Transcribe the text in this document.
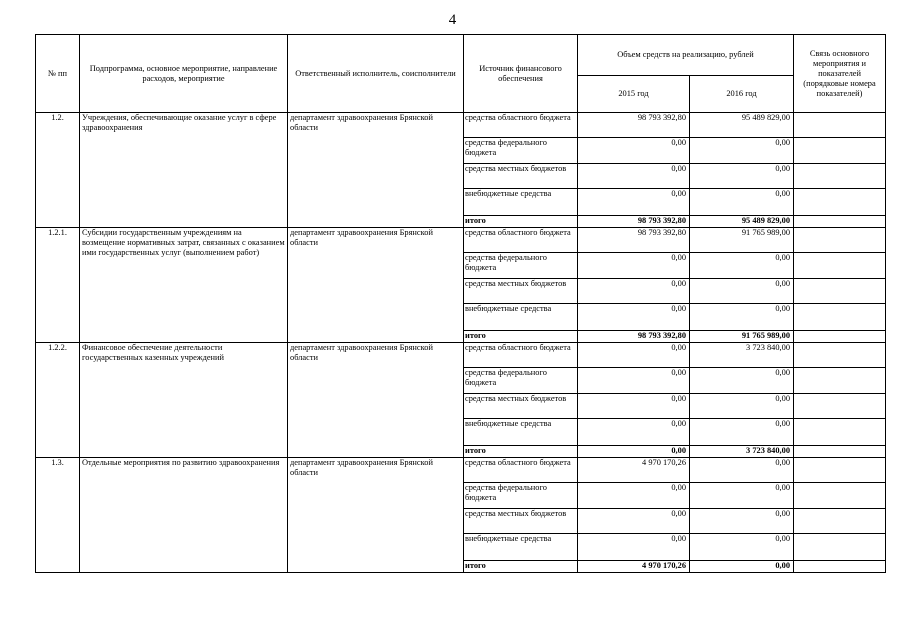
4
№ пп	Подпрограмма, основное мероприятие, направление расходов, мероприятие	Ответственный исполнитель, соисполнители	Источник финансового обеспечения	Объем средств на реализацию, рублей		Связь основного мероприятия и показателей (порядковые номера показателей)
				2015 год	2016 год	
1.2.	Учреждения, обеспечивающие оказание услуг в сфере здравоохранения	департамент здравоохранения Брянской области	средства областного бюджета	98 793 392,80	95 489 829,00	
			средства федерального бюджета	0,00	0,00	
			средства местных бюджетов	0,00	0,00	
			внебюджетные средства	0,00	0,00	
			итого	98 793 392,80	95 489 829,00	
1.2.1.	Субсидии государственным учреждениям на возмещение нормативных затрат, связанных с оказанием ими государственных услуг (выполнением работ)	департамент здравоохранения Брянской области	средства областного бюджета	98 793 392,80	91 765 989,00	
			средства федерального бюджета	0,00	0,00	
			средства местных бюджетов	0,00	0,00	
			внебюджетные средства	0,00	0,00	
			итого	98 793 392,80	91 765 989,00	
1.2.2.	Финансовое обеспечение деятельности государственных казенных учреждений	департамент здравоохранения Брянской области	средства областного бюджета	0,00	3 723 840,00	
			средства федерального бюджета	0,00	0,00	
			средства местных бюджетов	0,00	0,00	
			внебюджетные средства	0,00	0,00	
			итого	0,00	3 723 840,00	
1.3.	Отдельные мероприятия по развитию здравоохранения	департамент здравоохранения Брянской области	средства областного бюджета	4 970 170,26	0,00	
			средства федерального бюджета	0,00	0,00	
			средства местных бюджетов	0,00	0,00	
			внебюджетные средства	0,00	0,00	
			итого	4 970 170,26	0,00	
